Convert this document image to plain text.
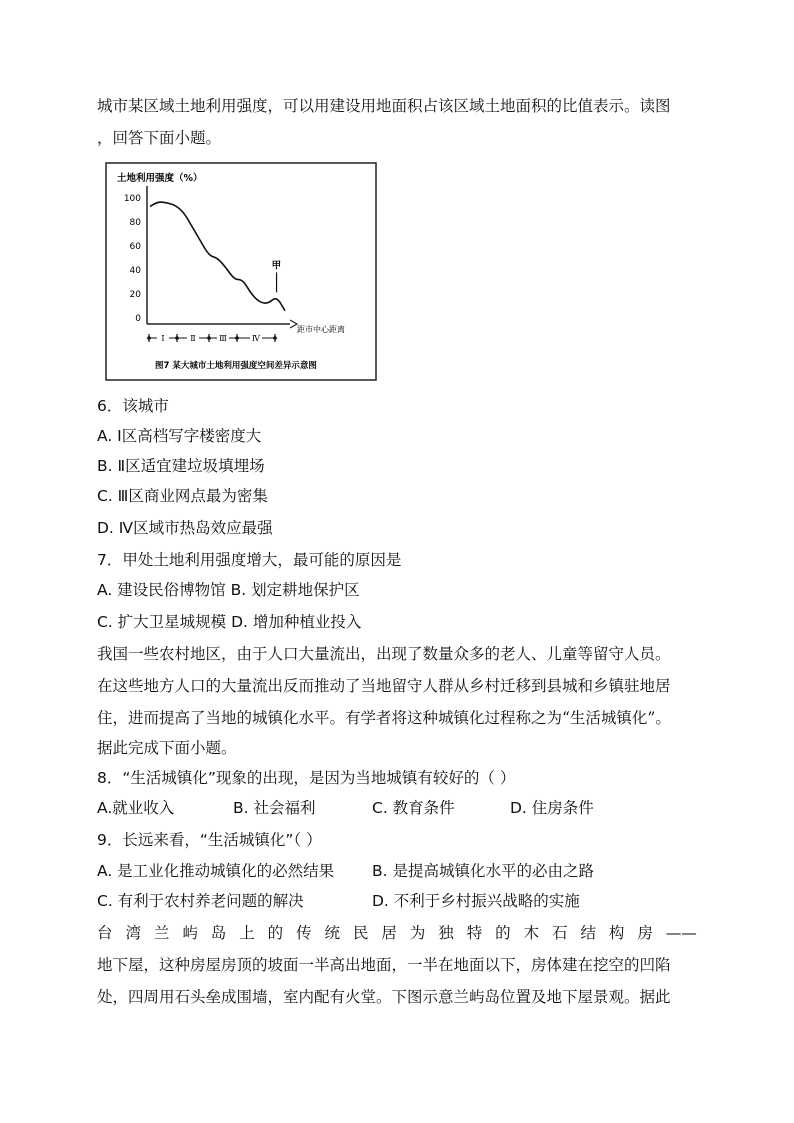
城市某区域土地利用强度，可以用建设用地面积占该区域土地面积的比值表示。读图
，回答下面小题。
土地利用强度（%）
100
80
60
40
20
0
距市中心距离
甲
Ⅰ	Ⅱ	Ⅲ	Ⅳ
图7 某大城市土地利用强度空间差异示意图
6．该城市
A. Ⅰ区高档写字楼密度大
B. Ⅱ区适宜建垃圾填埋场
C. Ⅲ区商业网点最为密集
D. Ⅳ区域市热岛效应最强
7．甲处土地利用强度增大，最可能的原因是
A. 建设民俗博物馆 B. 划定耕地保护区
C. 扩大卫星城规模 D. 增加种植业投入
我国一些农村地区，由于人口大量流出，出现了数量众多的老人、儿童等留守人员。
在这些地方人口的大量流出反而推动了当地留守人群从乡村迁移到县城和乡镇驻地居
住，进而提高了当地的城镇化水平。有学者将这种城镇化过程称之为“生活城镇化”。
据此完成下面小题。
8．“生活城镇化”现象的出现，是因为当地城镇有较好的（ ）
A.就业收入	B. 社会福利	C. 教育条件	D. 住房条件
9．长远来看，“生活城镇化”（ ）
A. 是工业化推动城镇化的必然结果 B. 是提高城镇化水平的必由之路
C. 有利于农村养老问题的解决	D. 不利于乡村振兴战略的实施
台 湾 兰 屿 岛 上 的 传 统 民 居 为 独 特 的 木 石 结 构 房 ——
地下屋，这种房屋房顶的坡面一半高出地面，一半在地面以下，房体建在挖空的凹陷
处，四周用石头垒成围墙，室内配有火堂。下图示意兰屿岛位置及地下屋景观。据此
